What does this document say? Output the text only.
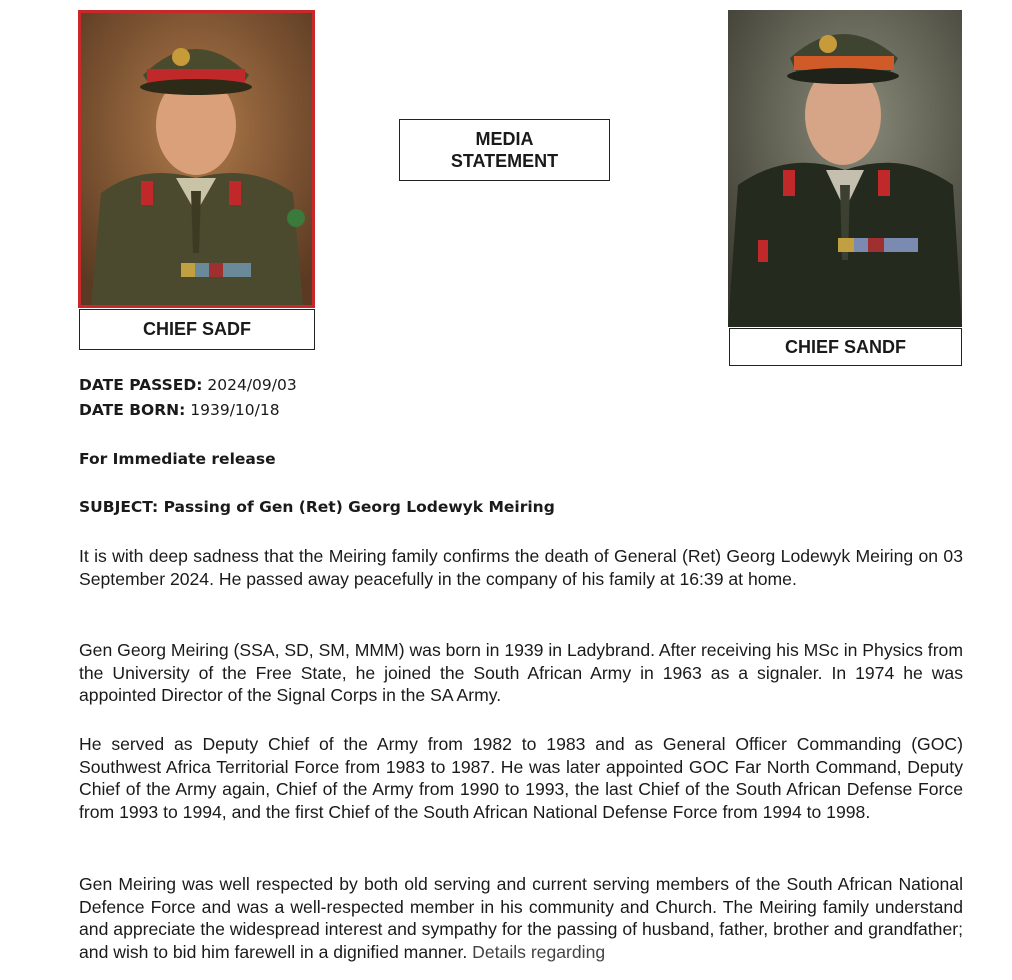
CHIEF SADF
MEDIA
STATEMENT
CHIEF SANDF
DATE PASSED: 2024/09/03
DATE BORN: 1939/10/18
For Immediate release
SUBJECT: Passing of Gen (Ret) Georg Lodewyk Meiring

It is with deep sadness that the Meiring family confirms the death of General (Ret) Georg Lodewyk Meiring on 03 September 2024. He passed away peacefully in the company of his family at 16:39 at home.

Gen Georg Meiring (SSA, SD, SM, MMM) was born in 1939 in Ladybrand. After receiving his MSc in Physics from the University of the Free State, he joined the South African Army in 1963 as a signaler. In 1974 he was appointed Director of the Signal Corps in the SA Army.

He served as Deputy Chief of the Army from 1982 to 1983 and as General Officer Commanding (GOC) Southwest Africa Territorial Force from 1983 to 1987. He was later appointed GOC Far North Command, Deputy Chief of the Army again, Chief of the Army from 1990 to 1993, the last Chief of the South African Defense Force from 1993 to 1994, and the first Chief of the South African National Defense Force from 1994 to 1998.

Gen Meiring was well respected by both old serving and current serving members of the South African National Defence Force and was a well-respected member in his community and Church. The Meiring family understand and appreciate the widespread interest and sympathy for the passing of husband, father, brother and grandfather; and wish to bid him farewell in a dignified manner. Details regarding
